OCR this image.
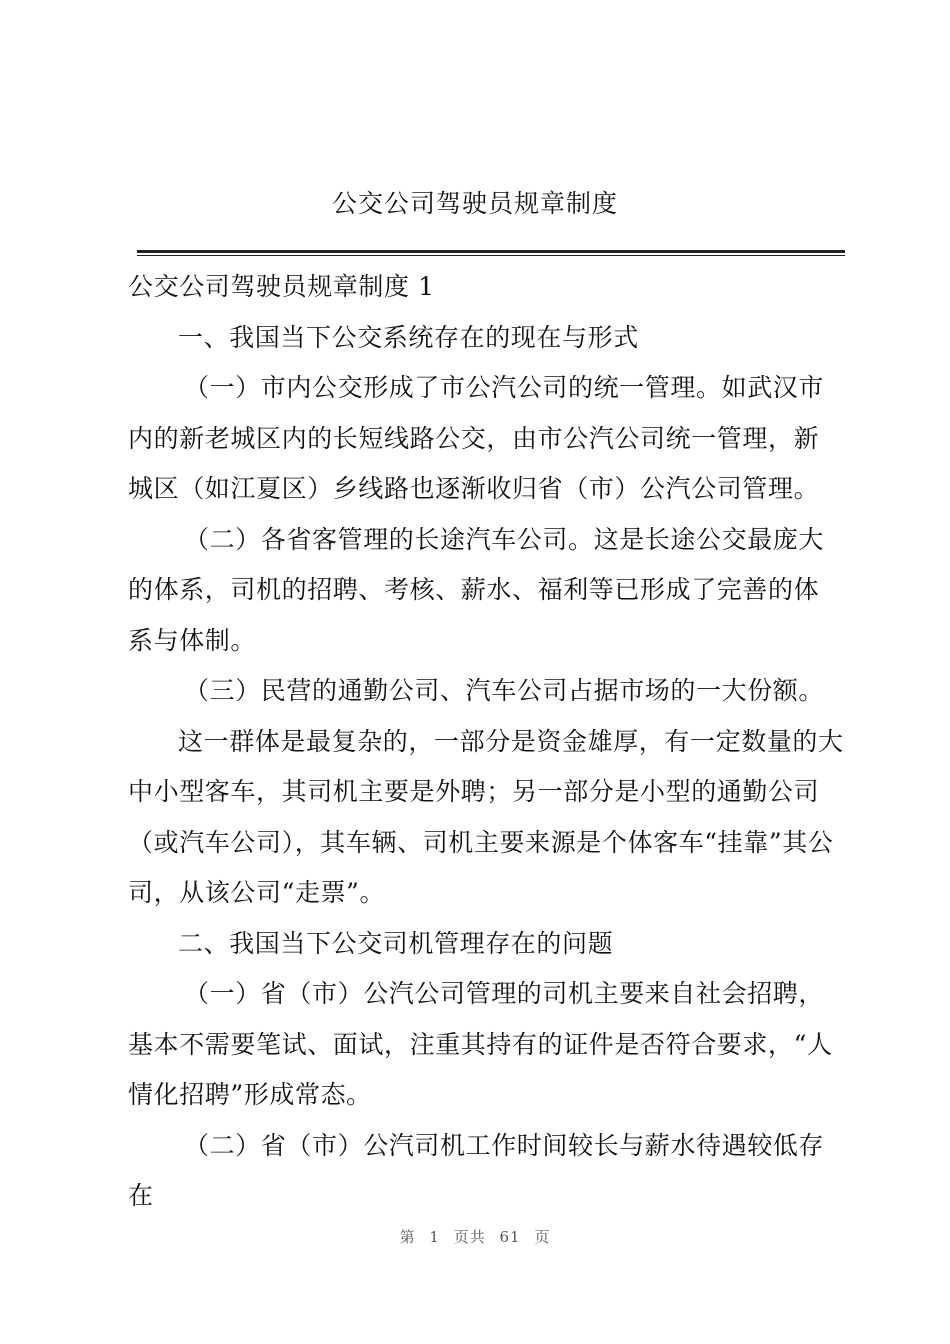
公交公司驾驶员规章制度

公交公司驾驶员规章制度 1

一、我国当下公交系统存在的现在与形式

（一）市内公交形成了市公汽公司的统一管理。如武汉市内的新老城区内的长短线路公交，由市公汽公司统一管理，新城区（如江夏区）乡线路也逐渐收归省（市）公汽公司管理。

（二）各省客管理的长途汽车公司。这是长途公交最庞大的体系，司机的招聘、考核、薪水、福利等已形成了完善的体系与体制。

（三）民营的通勤公司、汽车公司占据市场的一大份额。

这一群体是最复杂的，一部分是资金雄厚，有一定数量的大中小型客车，其司机主要是外聘；另一部分是小型的通勤公司（或汽车公司），其车辆、司机主要来源是个体客车“挂靠”其公司，从该公司“走票”。

二、我国当下公交司机管理存在的问题

（一）省（市）公汽公司管理的司机主要来自社会招聘，基本不需要笔试、面试，注重其持有的证件是否符合要求，“人情化招聘”形成常态。

（二）省（市）公汽司机工作时间较长与薪水待遇较低存在

第 1 页共 61 页
